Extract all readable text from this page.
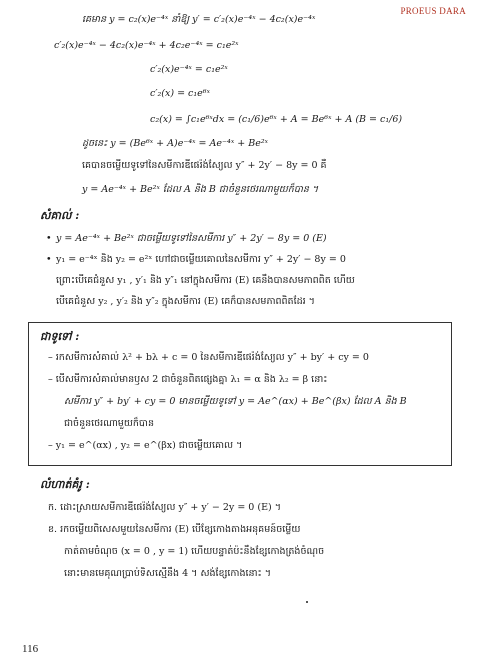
PROEUS DARA
គេមាន y = c₂(x)e⁻⁴ˣ នាំឱ្យ y′ = c′₂(x)e⁻⁴ˣ − 4c₂(x)e⁻⁴ˣ
c′₂(x)e⁻⁴ˣ − 4c₂(x)e⁻⁴ˣ + 4c₂e⁻⁴ˣ = c₁e²ˣ
c′₂(x)e⁻⁴ˣ = c₁e²ˣ
c′₂(x) = c₁e⁶ˣ
c₂(x) = ∫c₁e⁶ˣdx = (c₁/6)e⁶ˣ + A = Be⁶ˣ + A (B = c₁/6)
ដូចនេះ y = (Be⁶ˣ + A)e⁻⁴ˣ = Ae⁻⁴ˣ + Be²ˣ
គេបានចម្លើយទូទៅនៃសមីការឌីផេរ៉ង់ស្យែល y″ + 2y′ − 8y = 0 គឺ
y = Ae⁻⁴ˣ + Be²ˣ ដែល A និង B ជាចំនួនថេរណាមួយក៏បាន ។
សំគាល់ :
• y = Ae⁻⁴ˣ + Be²ˣ ជាចម្លើយទូទៅនៃសមីការ y″ + 2y′ − 8y = 0 (E)
• y₁ = e⁻⁴ˣ និង y₂ = e²ˣ ហៅជាចម្លើយគោលនៃសមីការ y″ + 2y′ − 8y = 0
ព្រោះបើគេជំនួស y₁ , y′₁ និង y″₁ នៅក្នុងសមីការ (E) គេនឹងបានសមភាពពិត ហើយ
បើគេជំនួស y₂ , y′₂ និង y″₂ ក្នុងសមីការ (E) គេក៏បានសមភាពពិតដែរ ។
ជាទូទៅ :
– រកសមីការសំគាល់ λ² + bλ + c = 0 នៃសមីការឌីផេរ៉ង់ស្យែល y″ + by′ + cy = 0
– បើសមីការសំគាល់មានឫស 2 ជាចំនួនពិតផ្សេងគ្នា λ₁ = α និង λ₂ = β នោះ
សមីការ y″ + by′ + cy = 0 មានចម្លើយទូទៅ y = Ae^(αx) + Be^(βx) ដែល A និង B
ជាចំនួនថេរណាមួយក៏បាន
– y₁ = e^(αx) , y₂ = e^(βx) ជាចម្លើយគោល ។
លំហាត់គំរូ :
ក. ដោះស្រាយសមីការឌីផេរ៉ង់ស្យែល y″ + y′ − 2y = 0 (E) ។
ខ. រកចម្លើយពិសេសមួយនៃសមីការ (E) បើខ្សែកោងតាងអនុគមន៍ចម្លើយ
កាត់តាមចំណុច (x = 0 , y = 1) ហើយបន្ទាត់ប៉ះនឹងខ្សែកោងត្រង់ចំណុច
នោះមានមេគុណប្រាប់ទិសស្មើនឹង 4 ។ សង់ខ្សែកោងនោះ ។
116
